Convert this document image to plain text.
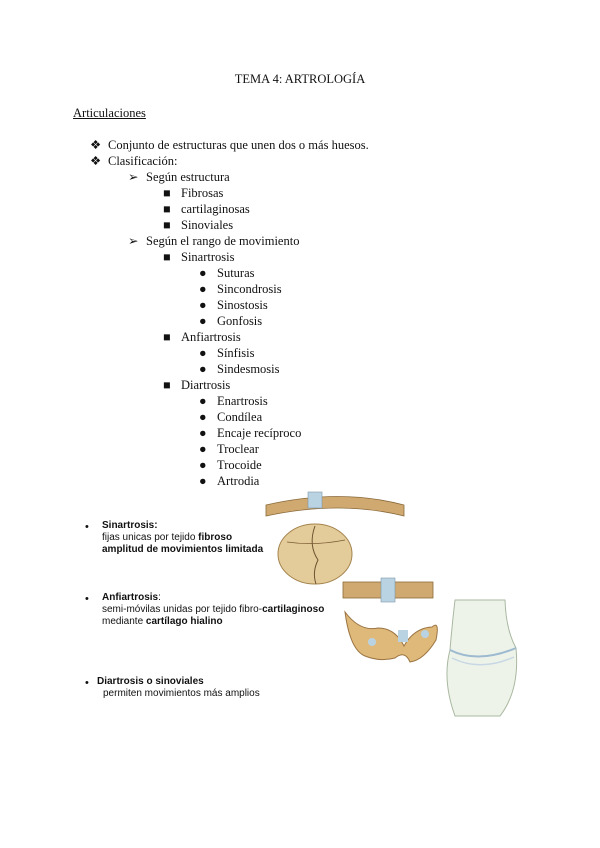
TEMA 4: ARTROLOGÍA
Articulaciones
❖ Conjunto de estructuras que unen dos o más huesos.
❖ Clasificación:
➢ Según estructura
■ Fibrosas
■ cartilaginosas
■ Sinoviales
➢ Según el rango de movimiento
■ Sinartrosis
● Suturas
● Sincondrosis
● Sinostosis
● Gonfosis
■ Anfiartrosis
● Sínfisis
● Sindesmosis
■ Diartrosis
● Enartrosis
● Condílea
● Encaje recíproco
● Troclear
● Trocoide
● Artrodia
• Sinartrosis:
fijas unicas por tejido fibroso
amplitud de movimientos limitada
• Anfiartrosis:
semi-móvilas unidas por tejido fibro-cartilaginoso
mediante cartílago hialino
• Diartrosis o sinoviales
permiten movimientos más amplios
